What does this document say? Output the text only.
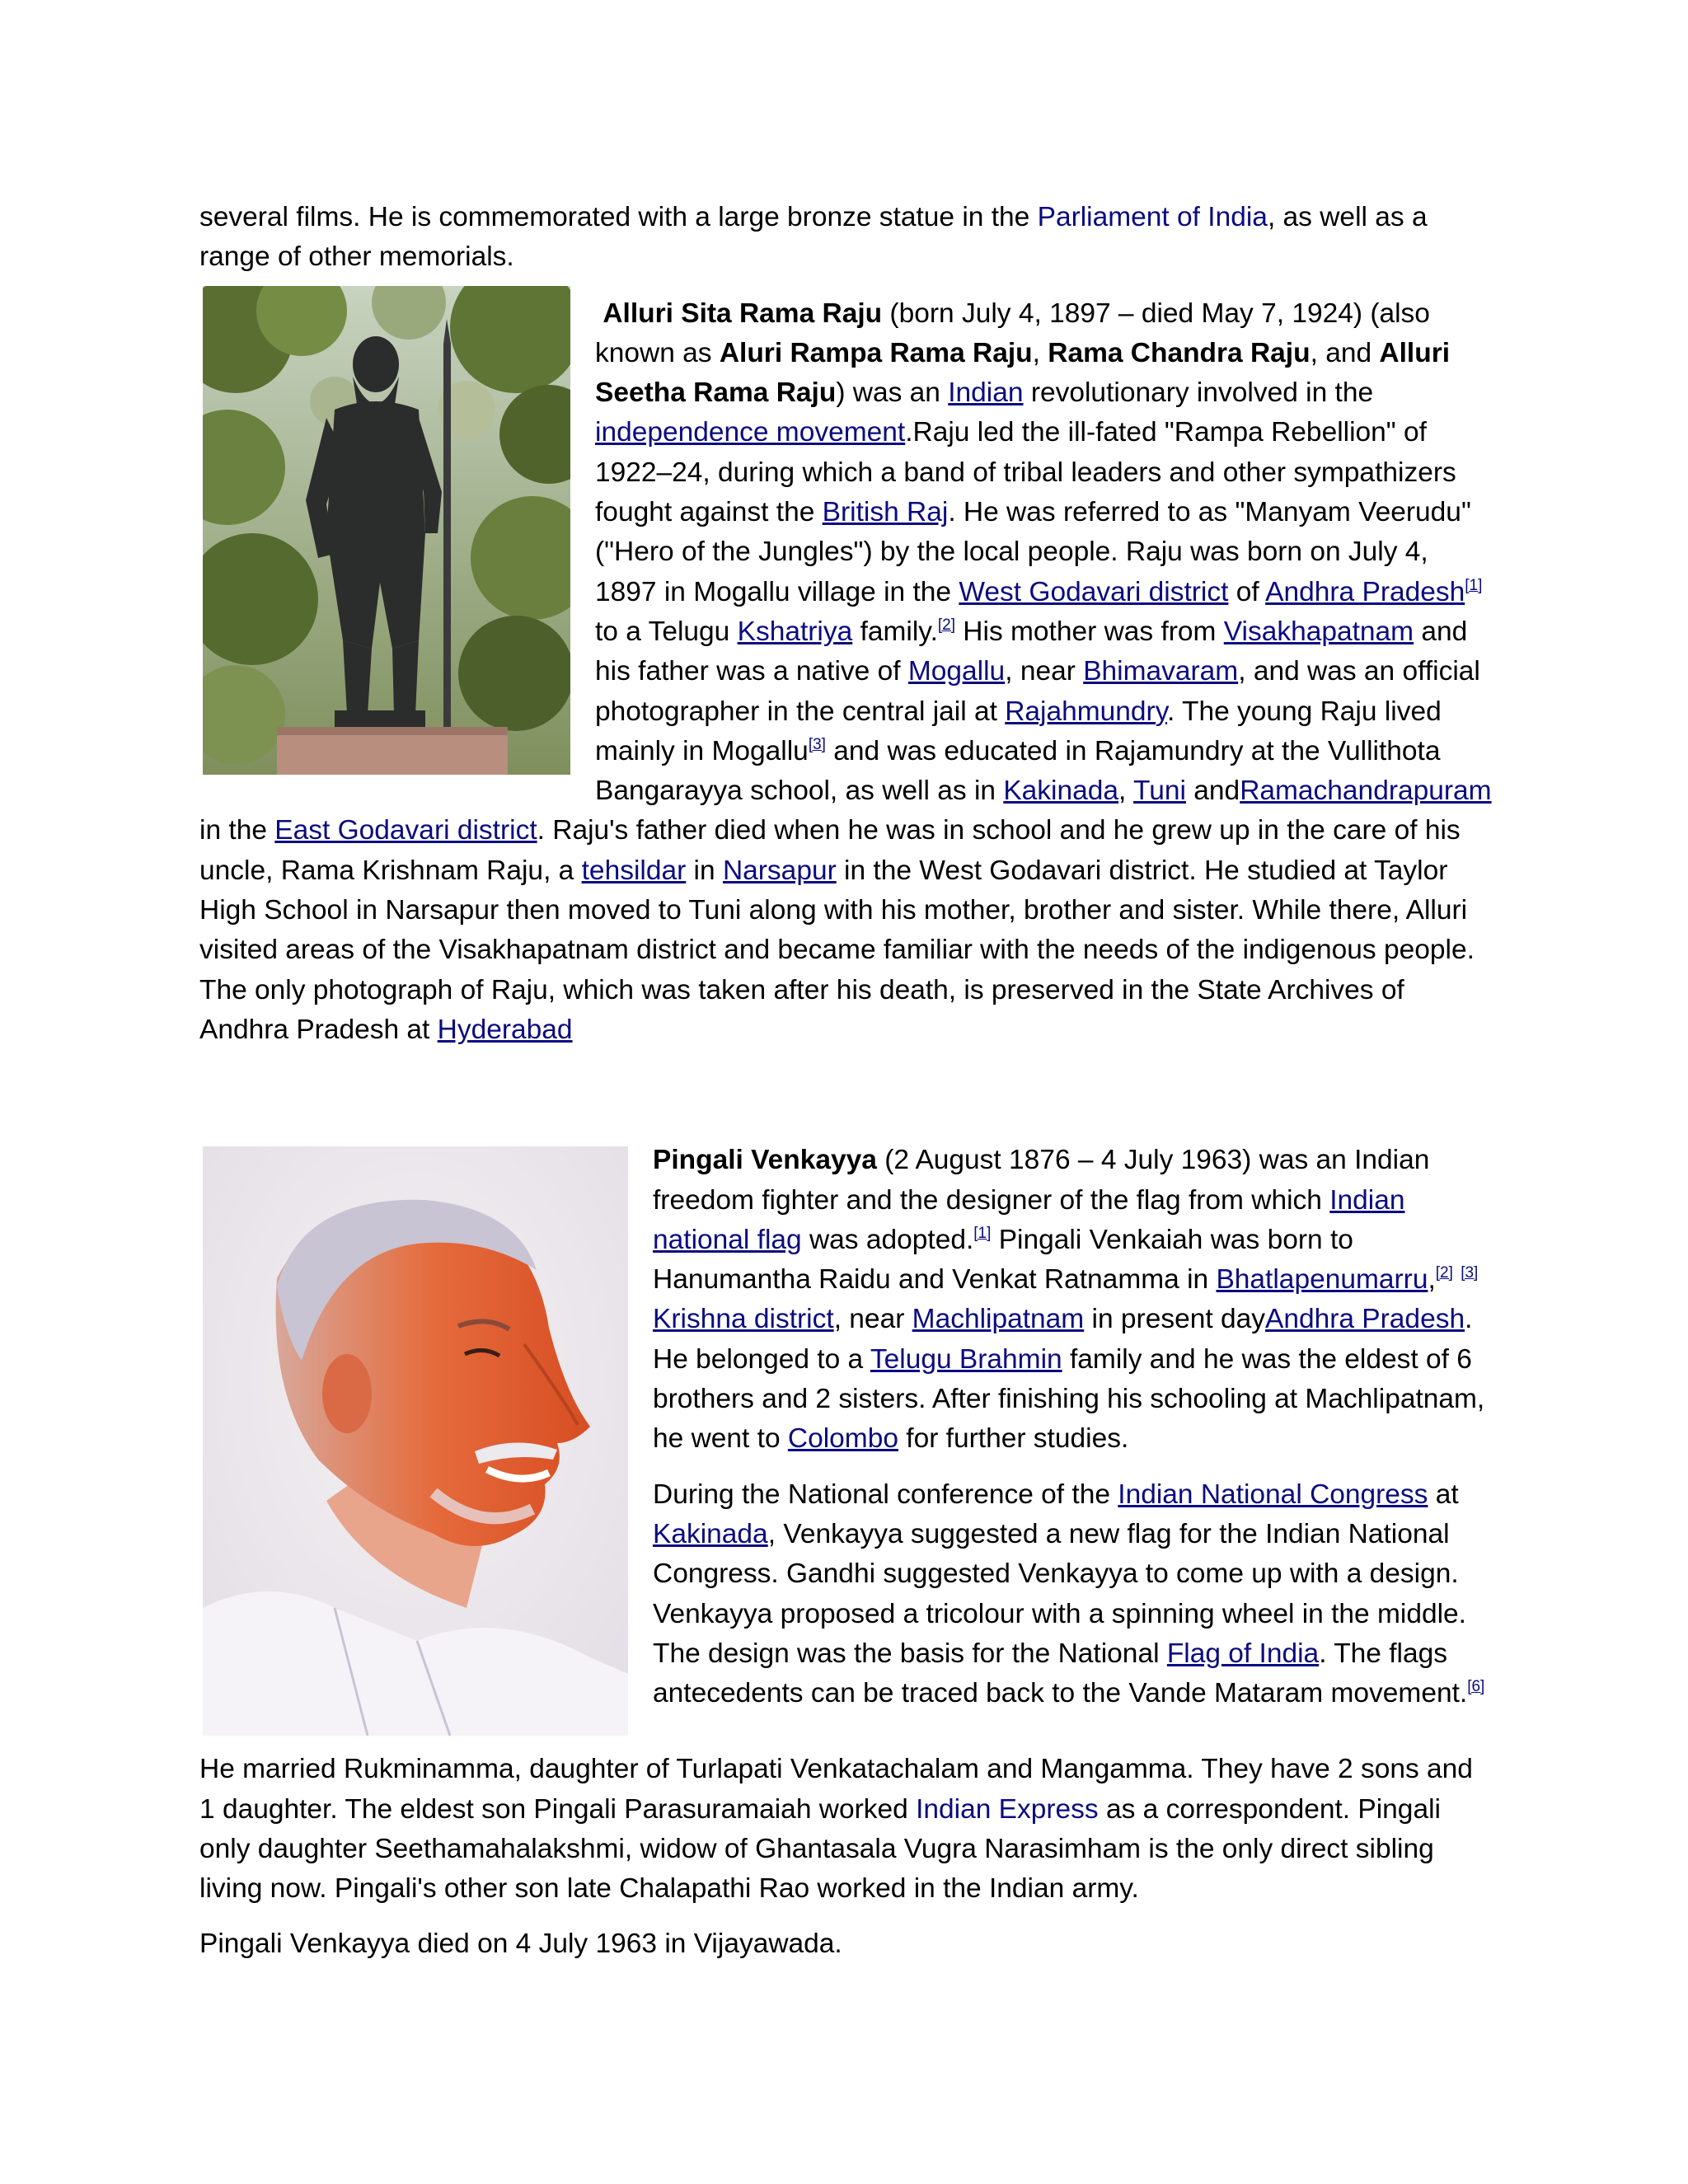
several films. He is commemorated with a large bronze statue in the Parliament of India, as well as a range of other memorials.

Alluri Sita Rama Raju (born July 4, 1897 – died May 7, 1924) (also known as Aluri Rampa Rama Raju, Rama Chandra Raju, and Alluri Seetha Rama Raju) was an Indian revolutionary involved in the independence movement.Raju led the ill-fated "Rampa Rebellion" of 1922–24, during which a band of tribal leaders and other sympathizers fought against the British Raj. He was referred to as "Manyam Veerudu" ("Hero of the Jungles") by the local people. Raju was born on July 4, 1897 in Mogallu village in the West Godavari district of Andhra Pradesh[1] to a Telugu Kshatriya family.[2] His mother was from Visakhapatnam and his father was a native of Mogallu, near Bhimavaram, and was an official photographer in the central jail at Rajahmundry. The young Raju lived mainly in Mogallu[3] and was educated in Rajamundry at the Vullithota Bangarayya school, as well as in Kakinada, Tuni andRamachandrapuram in the East Godavari district. Raju's father died when he was in school and he grew up in the care of his uncle, Rama Krishnam Raju, a tehsildar in Narsapur in the West Godavari district. He studied at Taylor High School in Narsapur then moved to Tuni along with his mother, brother and sister. While there, Alluri visited areas of the Visakhapatnam district and became familiar with the needs of the indigenous people. The only photograph of Raju, which was taken after his death, is preserved in the State Archives of Andhra Pradesh at Hyderabad

Pingali Venkayya (2 August 1876 – 4 July 1963) was an Indian freedom fighter and the designer of the flag from which Indian national flag was adopted.[1] Pingali Venkaiah was born to Hanumantha Raidu and Venkat Ratnamma in Bhatlapenumarru,[2] [3] Krishna district, near Machlipatnam in present dayAndhra Pradesh. He belonged to a Telugu Brahmin family and he was the eldest of 6 brothers and 2 sisters. After finishing his schooling at Machlipatnam, he went to Colombo for further studies.

During the National conference of the Indian National Congress at Kakinada, Venkayya suggested a new flag for the Indian National Congress. Gandhi suggested Venkayya to come up with a design. Venkayya proposed a tricolour with a spinning wheel in the middle. The design was the basis for the National Flag of India. The flags antecedents can be traced back to the Vande Mataram movement.[6]

He married Rukminamma, daughter of Turlapati Venkatachalam and Mangamma. They have 2 sons and 1 daughter. The eldest son Pingali Parasuramaiah worked Indian Express as a correspondent. Pingali only daughter Seethamahalakshmi, widow of Ghantasala Vugra Narasimham is the only direct sibling living now. Pingali's other son late Chalapathi Rao worked in the Indian army.

Pingali Venkayya died on 4 July 1963 in Vijayawada.
